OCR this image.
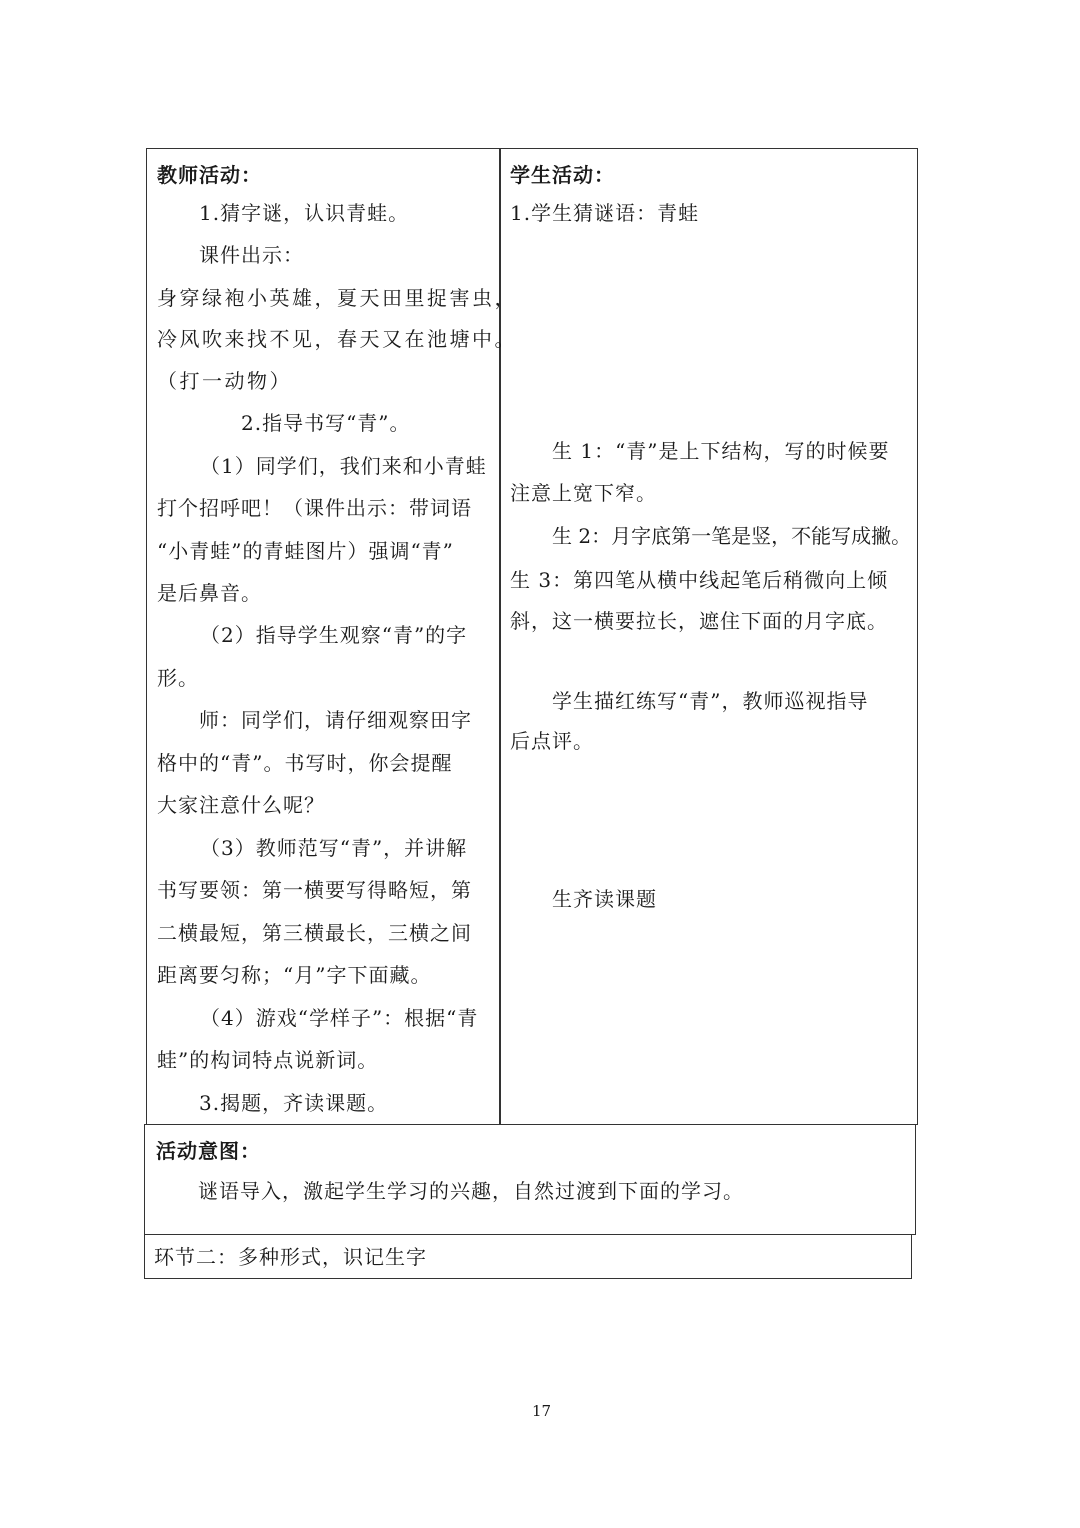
教师活动：
1.猜字谜，认识青蛙。
课件出示：
身穿绿袍小英雄，夏天田里捉害虫，
冷风吹来找不见，春天又在池塘中。
（打一动物）
2.指导书写“青”。
（1）同学们，我们来和小青蛙
打个招呼吧！（课件出示：带词语
“小青蛙”的青蛙图片）强调“青”
是后鼻音。
（2）指导学生观察“青”的字
形。
师：同学们，请仔细观察田字
格中的“青”。书写时，你会提醒
大家注意什么呢？
（3）教师范写“青”，并讲解
书写要领：第一横要写得略短，第
二横最短，第三横最长，三横之间
距离要匀称；“月”字下面藏。
（4）游戏“学样子”：根据“青
蛙”的构词特点说新词。
3.揭题，齐读课题。
学生活动：
1.学生猜谜语：青蛙
生 1：“青”是上下结构，写的时候要
注意上宽下窄。
生 2：月字底第一笔是竖，不能写成撇。
生 3：第四笔从横中线起笔后稍微向上倾
斜，这一横要拉长，遮住下面的月字底。
学生描红练写“青”，教师巡视指导
后点评。
生齐读课题
活动意图：
谜语导入，激起学生学习的兴趣，自然过渡到下面的学习。
环节二：多种形式，识记生字
17
